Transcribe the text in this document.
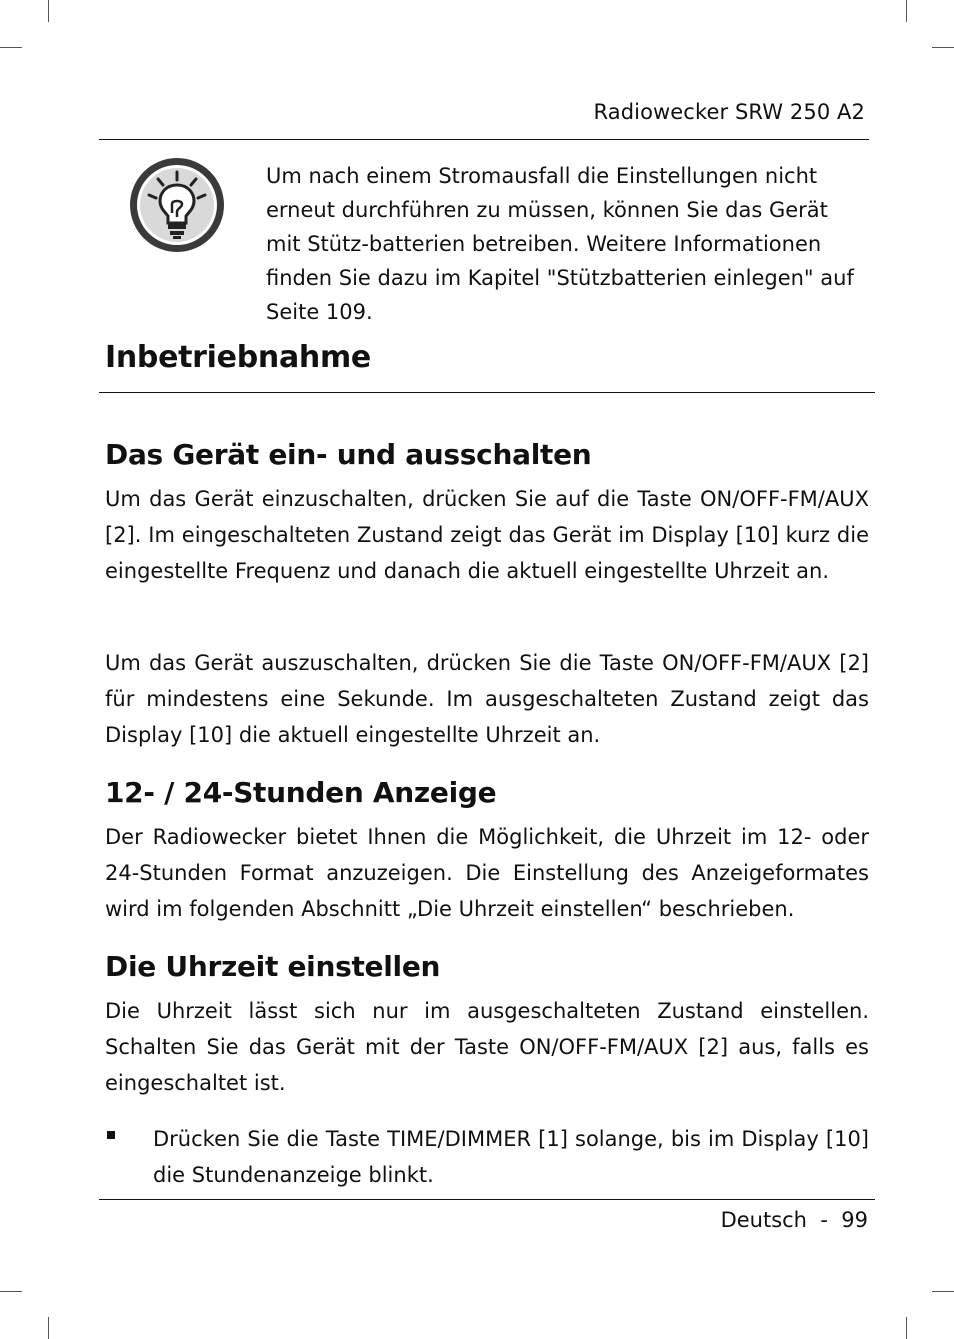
Radiowecker SRW 250 A2
Um nach einem Stromausfall die Einstellungen nicht erneut durchführen zu müssen, können Sie das Gerät mit Stütz-batterien betreiben. Weitere Informationen finden Sie dazu im Kapitel "Stützbatterien einlegen" auf Seite 109.
Inbetriebnahme
Das Gerät ein- und ausschalten

Um das Gerät einzuschalten, drücken Sie auf die Taste ON/OFF-FM/AUX [2]. Im eingeschalteten Zustand zeigt das Gerät im Display [10] kurz die eingestellte Frequenz und danach die aktuell eingestellte Uhrzeit an.

Um das Gerät auszuschalten, drücken Sie die Taste ON/OFF-FM/AUX [2] für mindestens eine Sekunde. Im ausgeschalteten Zustand zeigt das Display [10] die aktuell eingestellte Uhrzeit an.

12- / 24-Stunden Anzeige

Der Radiowecker bietet Ihnen die Möglichkeit, die Uhrzeit im 12- oder 24-Stunden Format anzuzeigen. Die Einstellung des Anzeigeformates wird im folgenden Abschnitt „Die Uhrzeit einstellen“ beschrieben.

Die Uhrzeit einstellen

Die Uhrzeit lässt sich nur im ausgeschalteten Zustand einstellen. Schalten Sie das Gerät mit der Taste ON/OFF-FM/AUX [2] aus, falls es eingeschaltet ist.

Drücken Sie die Taste TIME/DIMMER [1] solange, bis im Display [10] die Stundenanzeige blinkt.

Deutsch  -  99
